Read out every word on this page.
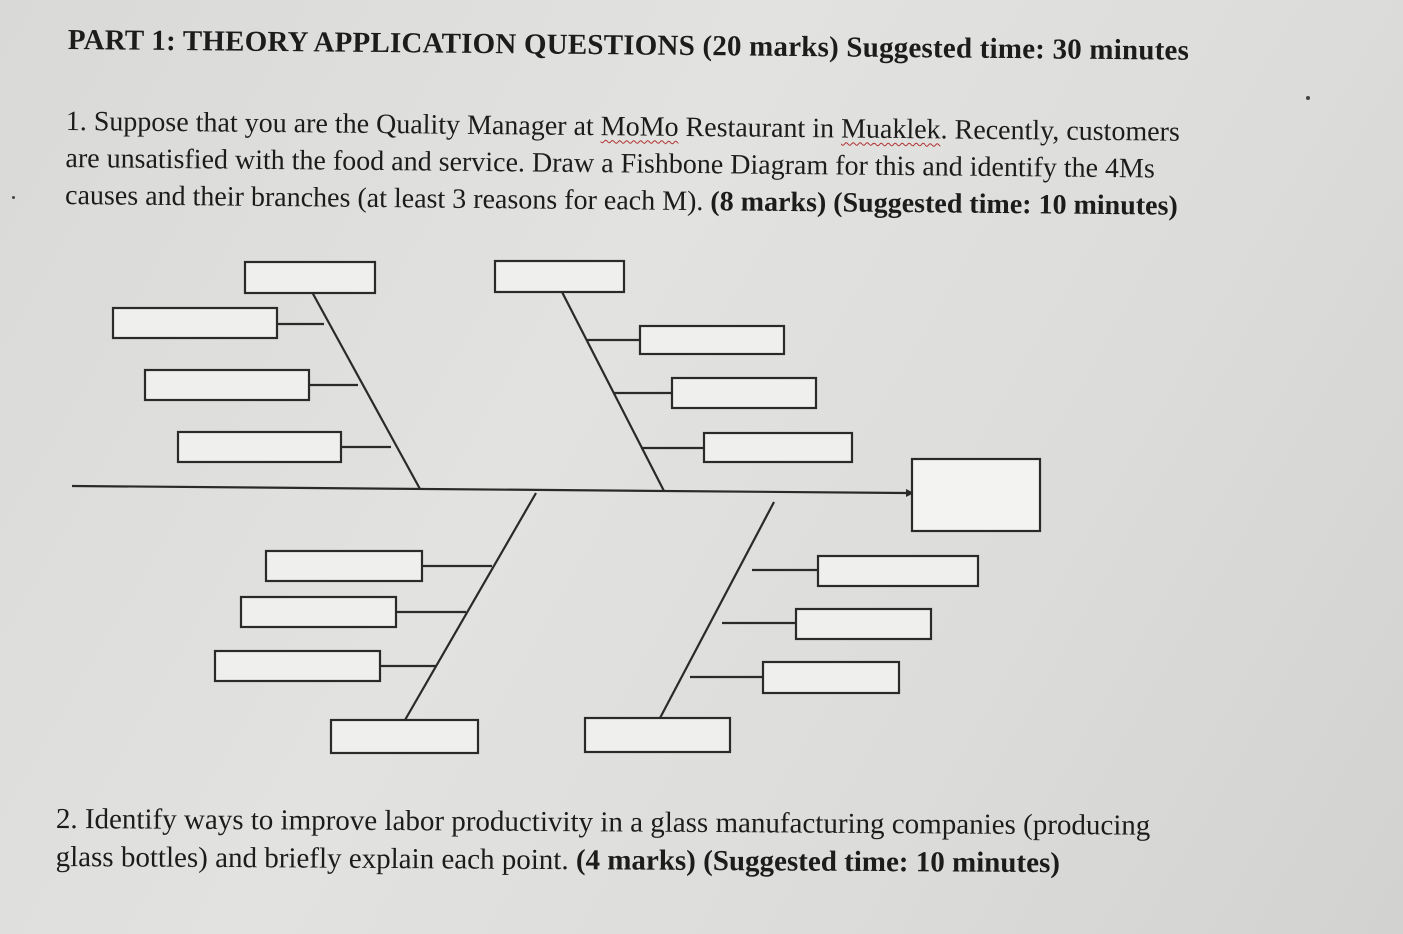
PART 1: THEORY APPLICATION QUESTIONS (20 marks) Suggested time: 30 minutes
1. Suppose that you are the Quality Manager at MoMo Restaurant in Muaklek. Recently, customers
are unsatisfied with the food and service. Draw a Fishbone Diagram for this and identify the 4Ms
causes and their branches (at least 3 reasons for each M). (8 marks) (Suggested time: 10 minutes)
2. Identify ways to improve labor productivity in a glass manufacturing companies (producing
glass bottles) and briefly explain each point. (4 marks) (Suggested time: 10 minutes)
